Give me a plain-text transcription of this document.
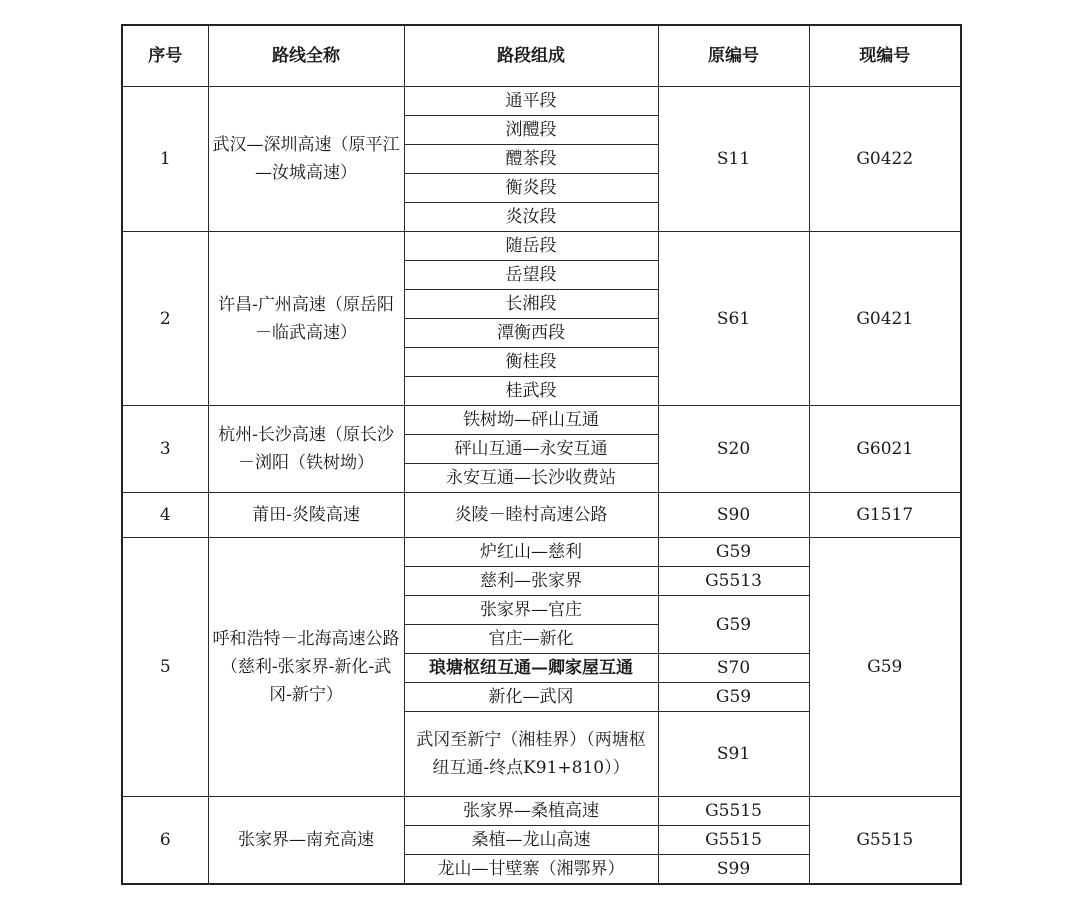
序号	路线全称	路段组成	原编号	现编号
1	武汉—深圳高速（原平江—汝城高速）	通平段	S11	G0422
		浏醴段		
		醴茶段		
		衡炎段		
		炎汝段		
2	许昌-广州高速（原岳阳－临武高速）	随岳段	S61	G0421
		岳望段		
		长湘段		
		潭衡西段		
		衡桂段		
		桂武段		
3	杭州-长沙高速（原长沙－浏阳（铁树坳）	铁树坳—砰山互通	S20	G6021
		砰山互通—永安互通		
		永安互通—长沙收费站		
4	莆田-炎陵高速	炎陵－睦村高速公路	S90	G1517
5	呼和浩特－北海高速公路（慈利-张家界-新化-武冈-新宁）	炉红山—慈利	G59	G59
		慈利—张家界	G5513	
		张家界—官庄	G59	
		官庄—新化		
		琅塘枢纽互通—卿家屋互通	S70	
		新化—武冈	G59	
		武冈至新宁（湘桂界）（两塘枢纽互通-终点K91+810））	S91	
6	张家界—南充高速	张家界—桑植高速	G5515	G5515
		桑植—龙山高速	G5515	
		龙山—甘壁寨（湘鄂界）	S99	
